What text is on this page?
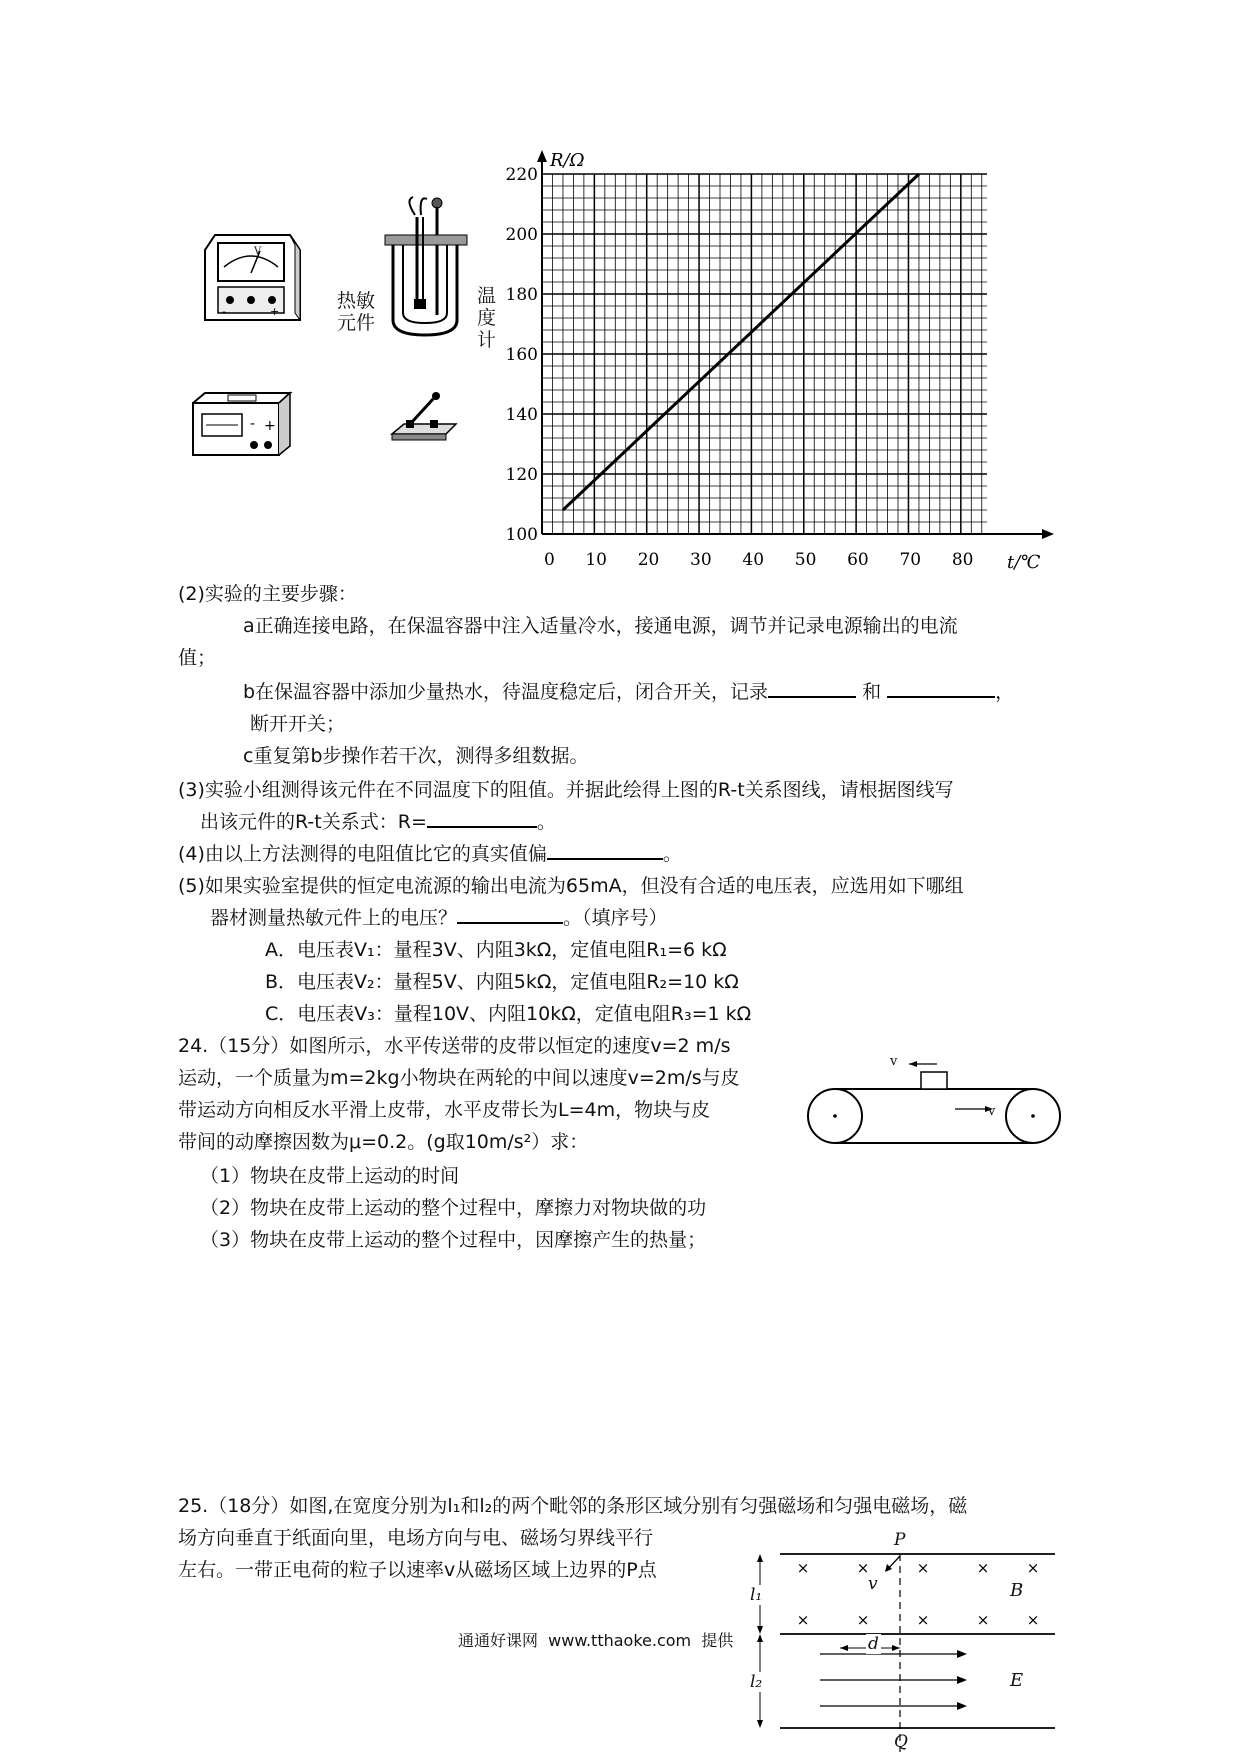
-	+
V
热敏
元件
温
度
计
- +
R/Ω
t/℃
0 10 20 30 40 50 60 70 80
100
120
140
160
180
200
220
(2)实验的主要步骤：
a正确连接电路，在保温容器中注入适量冷水，接通电源，调节并记录电源输出的电流
值；
b在保温容器中添加少量热水，待温度稳定后，闭合开关，记录	和	，
断开开关；
c重复第b步操作若干次，测得多组数据。
(3)实验小组测得该元件在不同温度下的阻值。并据此绘得上图的R-t关系图线，请根据图线写
出该元件的R-t关系式：R=	。
(4)由以上方法测得的电阻值比它的真实值偏	。
(5)如果实验室提供的恒定电流源的输出电流为65mA，但没有合适的电压表，应选用如下哪组
器材测量热敏元件上的电压？	。（填序号）
A．电压表V₁：量程3V、内阻3kΩ，定值电阻R₁=6 kΩ
B．电压表V₂：量程5V、内阻5kΩ，定值电阻R₂=10 kΩ
C．电压表V₃：量程10V、内阻10kΩ，定值电阻R₃=1 kΩ
24.（15分）如图所示，水平传送带的皮带以恒定的速度v=2 m/s
运动，一个质量为m=2kg小物块在两轮的中间以速度v=2m/s与皮
带运动方向相反水平滑上皮带，水平皮带长为L=4m，物块与皮
带间的动摩擦因数为μ=0.2。(g取10m/s²）求：
（1）物块在皮带上运动的时间
（2）物块在皮带上运动的整个过程中，摩擦力对物块做的功
（3）物块在皮带上运动的整个过程中，因摩擦产生的热量；
v
v
25.（18分）如图,在宽度分别为l₁和l₂的两个毗邻的条形区域分别有匀强磁场和匀强电磁场，磁
场方向垂直于纸面向里，电场方向与电、磁场匀界线平行
左右。一带正电荷的粒子以速率v从磁场区域上边界的P点	×	×	×	× ×
×	×	×	× ×
P
Q
v	B
E
l₁
l₂
d
通通好课网  www.tthaoke.com  提供
